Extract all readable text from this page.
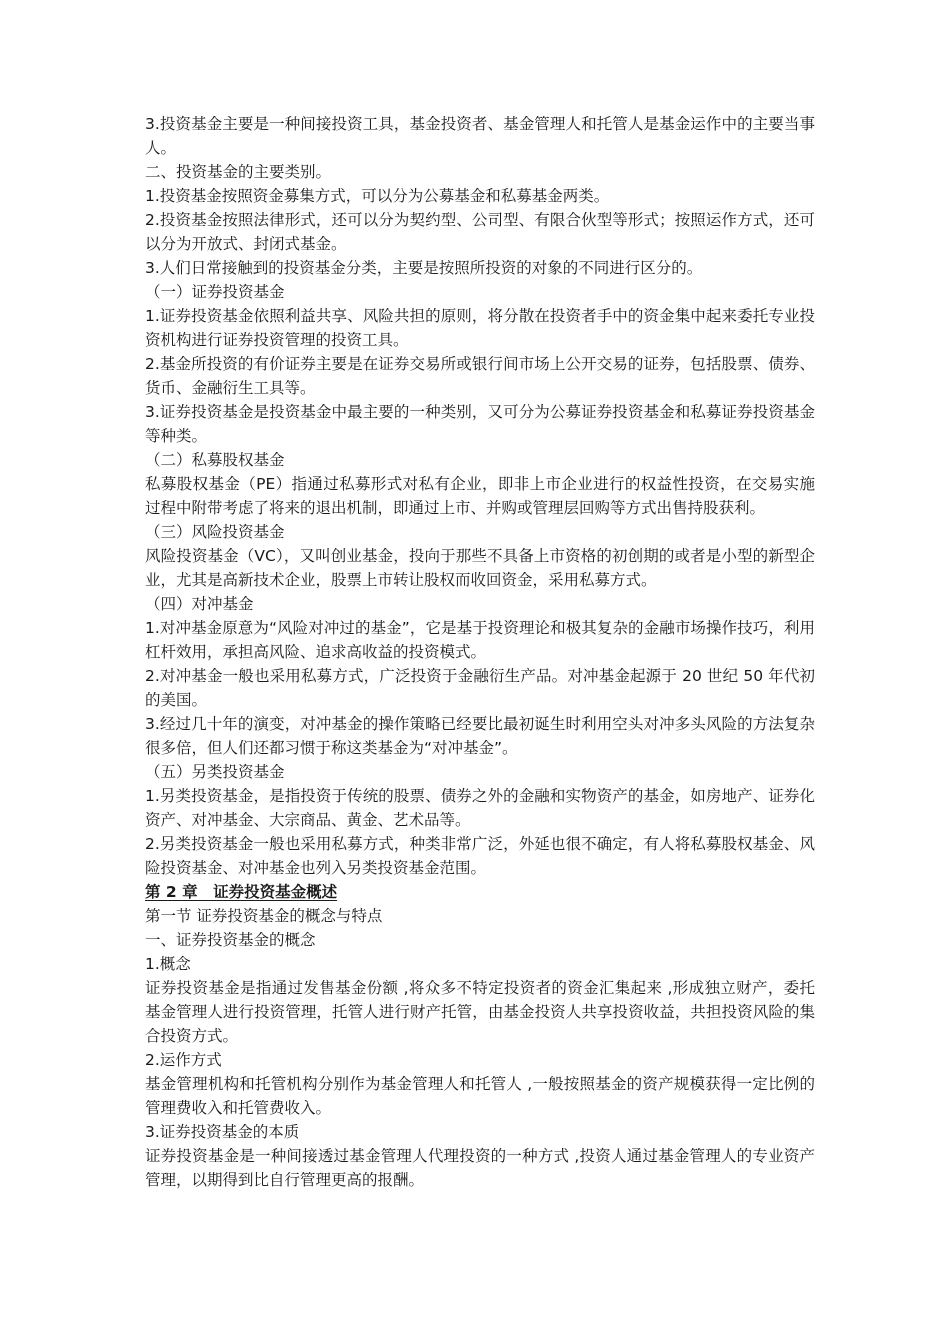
3.投资基金主要是一种间接投资工具，基金投资者、基金管理人和托管人是基金运作中的主要当事人。

二、投资基金的主要类别。

1.投资基金按照资金募集方式，可以分为公募基金和私募基金两类。

2.投资基金按照法律形式，还可以分为契约型、公司型、有限合伙型等形式；按照运作方式，还可以分为开放式、封闭式基金。

3.人们日常接触到的投资基金分类，主要是按照所投资的对象的不同进行区分的。

（一）证券投资基金

1.证券投资基金依照利益共享、风险共担的原则，将分散在投资者手中的资金集中起来委托专业投资机构进行证券投资管理的投资工具。

2.基金所投资的有价证券主要是在证券交易所或银行间市场上公开交易的证券，包括股票、债券、货币、金融衍生工具等。

3.证券投资基金是投资基金中最主要的一种类别，又可分为公募证券投资基金和私募证券投资基金等种类。

（二）私募股权基金

私募股权基金（PE）指通过私募形式对私有企业，即非上市企业进行的权益性投资，在交易实施过程中附带考虑了将来的退出机制，即通过上市、并购或管理层回购等方式出售持股获利。

（三）风险投资基金

风险投资基金（VC），又叫创业基金，投向于那些不具备上市资格的初创期的或者是小型的新型企业，尤其是高新技术企业，股票上市转让股权而收回资金，采用私募方式。

（四）对冲基金

1.对冲基金原意为“风险对冲过的基金”，它是基于投资理论和极其复杂的金融市场操作技巧，利用杠杆效用，承担高风险、追求高收益的投资模式。

2.对冲基金一般也采用私募方式，广泛投资于金融衍生产品。对冲基金起源于 20 世纪 50 年代初的美国。

3.经过几十年的演变，对冲基金的操作策略已经要比最初诞生时利用空头对冲多头风险的方法复杂很多倍，但人们还都习惯于称这类基金为“对冲基金”。

（五）另类投资基金

1.另类投资基金，是指投资于传统的股票、债券之外的金融和实物资产的基金，如房地产、证券化资产、对冲基金、大宗商品、黄金、艺术品等。

2.另类投资基金一般也采用私募方式，种类非常广泛，外延也很不确定，有人将私募股权基金、风险投资基金、对冲基金也列入另类投资基金范围。

第 2 章　证券投资基金概述

第一节 证券投资基金的概念与特点

一、证券投资基金的概念

1.概念

证券投资基金是指通过发售基金份额 ,将众多不特定投资者的资金汇集起来 ,形成独立财产，委托基金管理人进行投资管理，托管人进行财产托管，由基金投资人共享投资收益，共担投资风险的集合投资方式。

2.运作方式

基金管理机构和托管机构分别作为基金管理人和托管人 ,一般按照基金的资产规模获得一定比例的管理费收入和托管费收入。

3.证券投资基金的本质

证券投资基金是一种间接透过基金管理人代理投资的一种方式 ,投资人通过基金管理人的专业资产管理，以期得到比自行管理更高的报酬。
